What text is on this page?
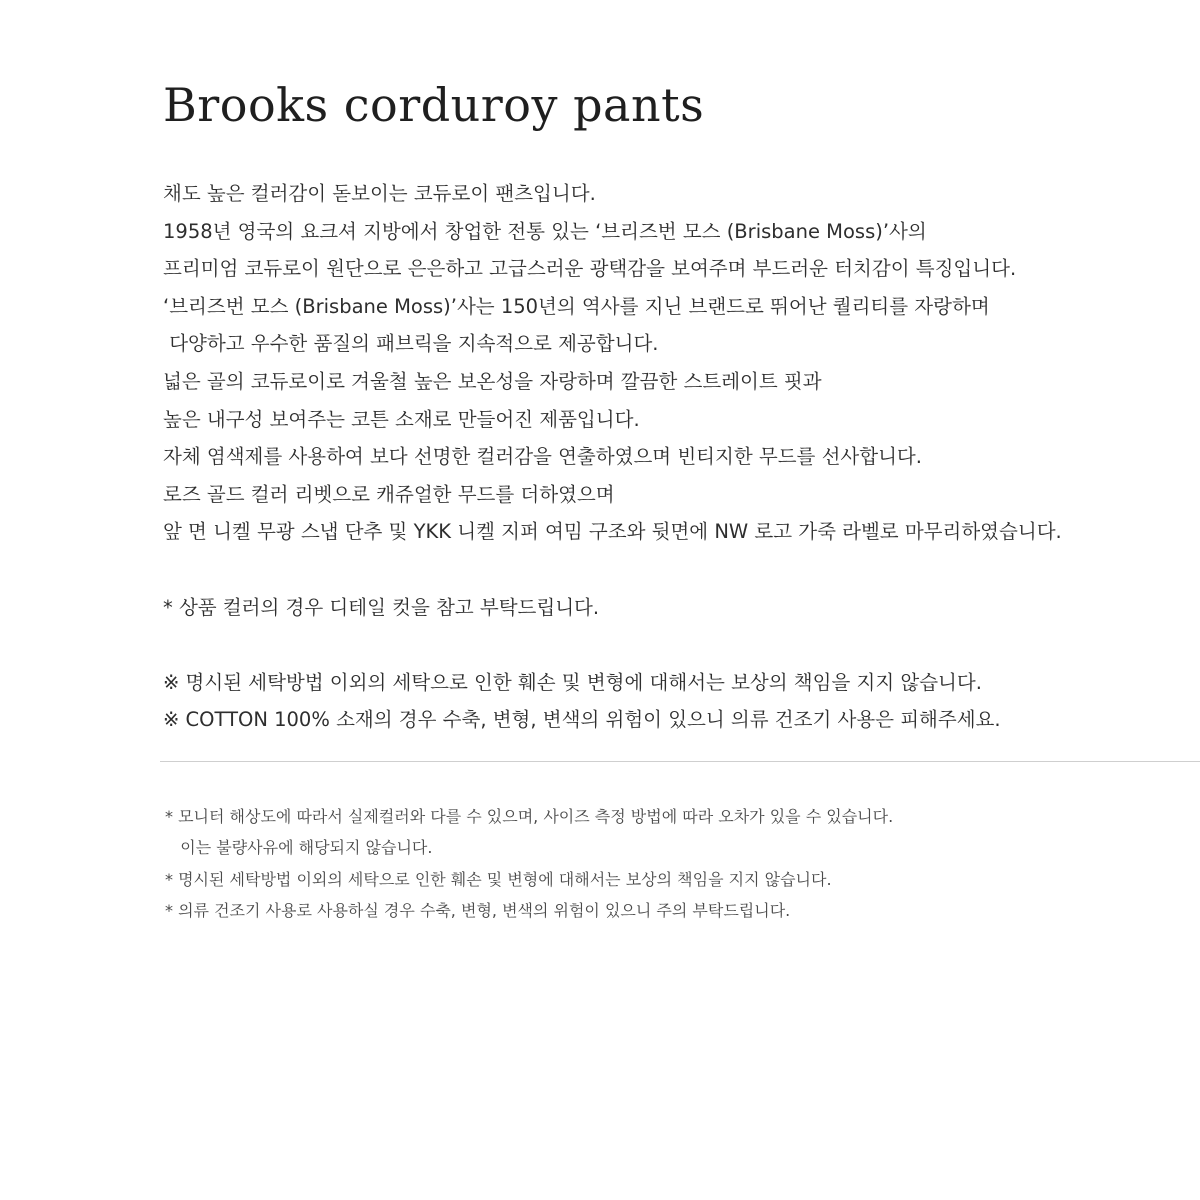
Brooks corduroy pants
채도 높은 컬러감이 돋보이는 코듀로이 팬츠입니다.
1958년 영국의 요크셔 지방에서 창업한 전통 있는 ‘브리즈번 모스 (Brisbane Moss)’사의
프리미엄 코듀로이 원단으로 은은하고 고급스러운 광택감을 보여주며 부드러운 터치감이 특징입니다.
‘브리즈번 모스 (Brisbane Moss)’사는 150년의 역사를 지닌 브랜드로 뛰어난 퀄리티를 자랑하며
다양하고 우수한 품질의 패브릭을 지속적으로 제공합니다.
넓은 골의 코듀로이로 겨울철 높은 보온성을 자랑하며 깔끔한 스트레이트 핏과
높은 내구성 보여주는 코튼 소재로 만들어진 제품입니다.
자체 염색제를 사용하여 보다 선명한 컬러감을 연출하였으며 빈티지한 무드를 선사합니다.
로즈 골드 컬러 리벳으로 캐쥬얼한 무드를 더하였으며
앞 면 니켈 무광 스냅 단추 및 YKK 니켈 지퍼 여밈 구조와 뒷면에 NW 로고 가죽 라벨로 마무리하였습니다.
* 상품 컬러의 경우 디테일 컷을 참고 부탁드립니다.
※ 명시된 세탁방법 이외의 세탁으로 인한 훼손 및 변형에 대해서는 보상의 책임을 지지 않습니다.
※ COTTON 100% 소재의 경우 수축, 변형, 변색의 위험이 있으니 의류 건조기 사용은 피해주세요.
* 모니터 해상도에 따라서 실제컬러와 다를 수 있으며, 사이즈 측정 방법에 따라 오차가 있을 수 있습니다.
이는 불량사유에 해당되지 않습니다.
* 명시된 세탁방법 이외의 세탁으로 인한 훼손 및 변형에 대해서는 보상의 책임을 지지 않습니다.
* 의류 건조기 사용로 사용하실 경우 수축, 변형, 변색의 위험이 있으니 주의 부탁드립니다.
